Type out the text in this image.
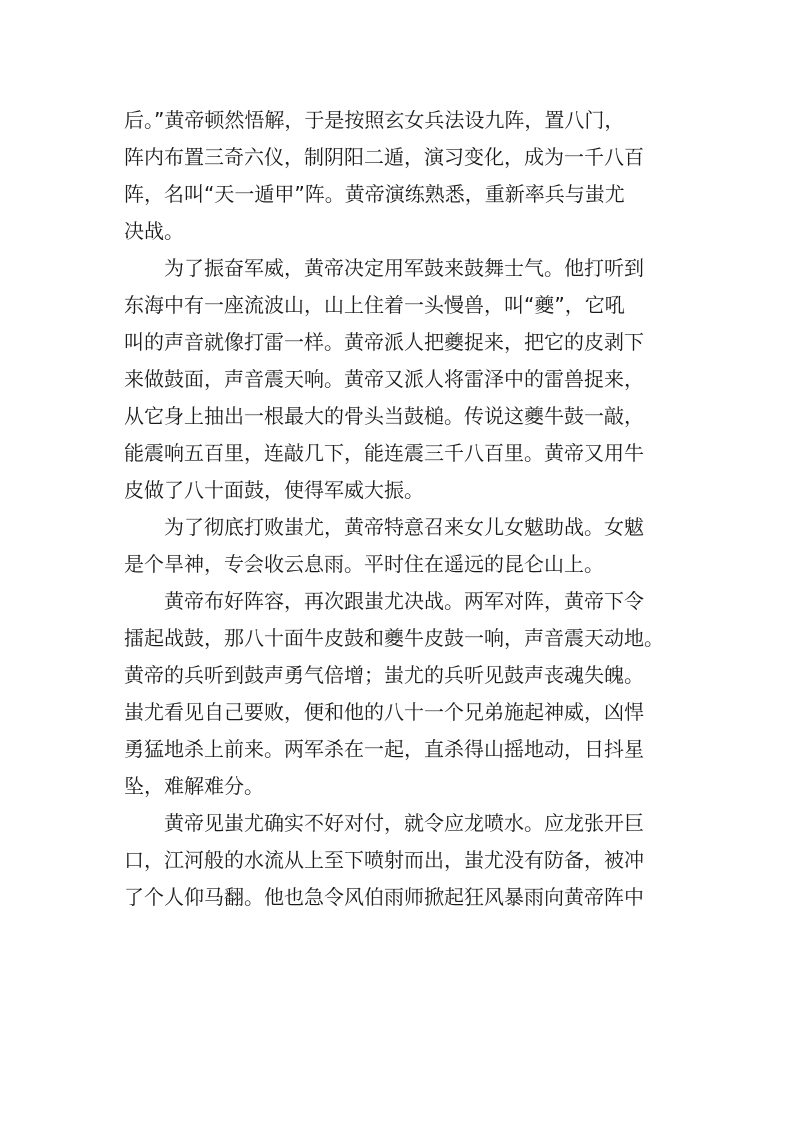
后。”黄帝顿然悟解，于是按照玄女兵法设九阵，置八门，
阵内布置三奇六仪，制阴阳二遁，演习变化，成为一千八百
阵，名叫“天一遁甲”阵。黄帝演练熟悉，重新率兵与蚩尤
决战。
为了振奋军威，黄帝决定用军鼓来鼓舞士气。他打听到
东海中有一座流波山，山上住着一头慢兽，叫“夔”，它吼
叫的声音就像打雷一样。黄帝派人把夔捉来，把它的皮剥下
来做鼓面，声音震天响。黄帝又派人将雷泽中的雷兽捉来，
从它身上抽出一根最大的骨头当鼓槌。传说这夔牛鼓一敲，
能震响五百里，连敲几下，能连震三千八百里。黄帝又用牛
皮做了八十面鼓，使得军威大振。
为了彻底打败蚩尤，黄帝特意召来女儿女魃助战。女魃
是个旱神，专会收云息雨。平时住在遥远的昆仑山上。
黄帝布好阵容，再次跟蚩尤决战。两军对阵，黄帝下令
擂起战鼓，那八十面牛皮鼓和夔牛皮鼓一响，声音震天动地。
黄帝的兵听到鼓声勇气倍增；蚩尤的兵听见鼓声丧魂失魄。
蚩尤看见自己要败，便和他的八十一个兄弟施起神威，凶悍
勇猛地杀上前来。两军杀在一起，直杀得山摇地动，日抖星
坠，难解难分。
黄帝见蚩尤确实不好对付，就令应龙喷水。应龙张开巨
口，江河般的水流从上至下喷射而出，蚩尤没有防备，被冲
了个人仰马翻。他也急令风伯雨师掀起狂风暴雨向黄帝阵中
